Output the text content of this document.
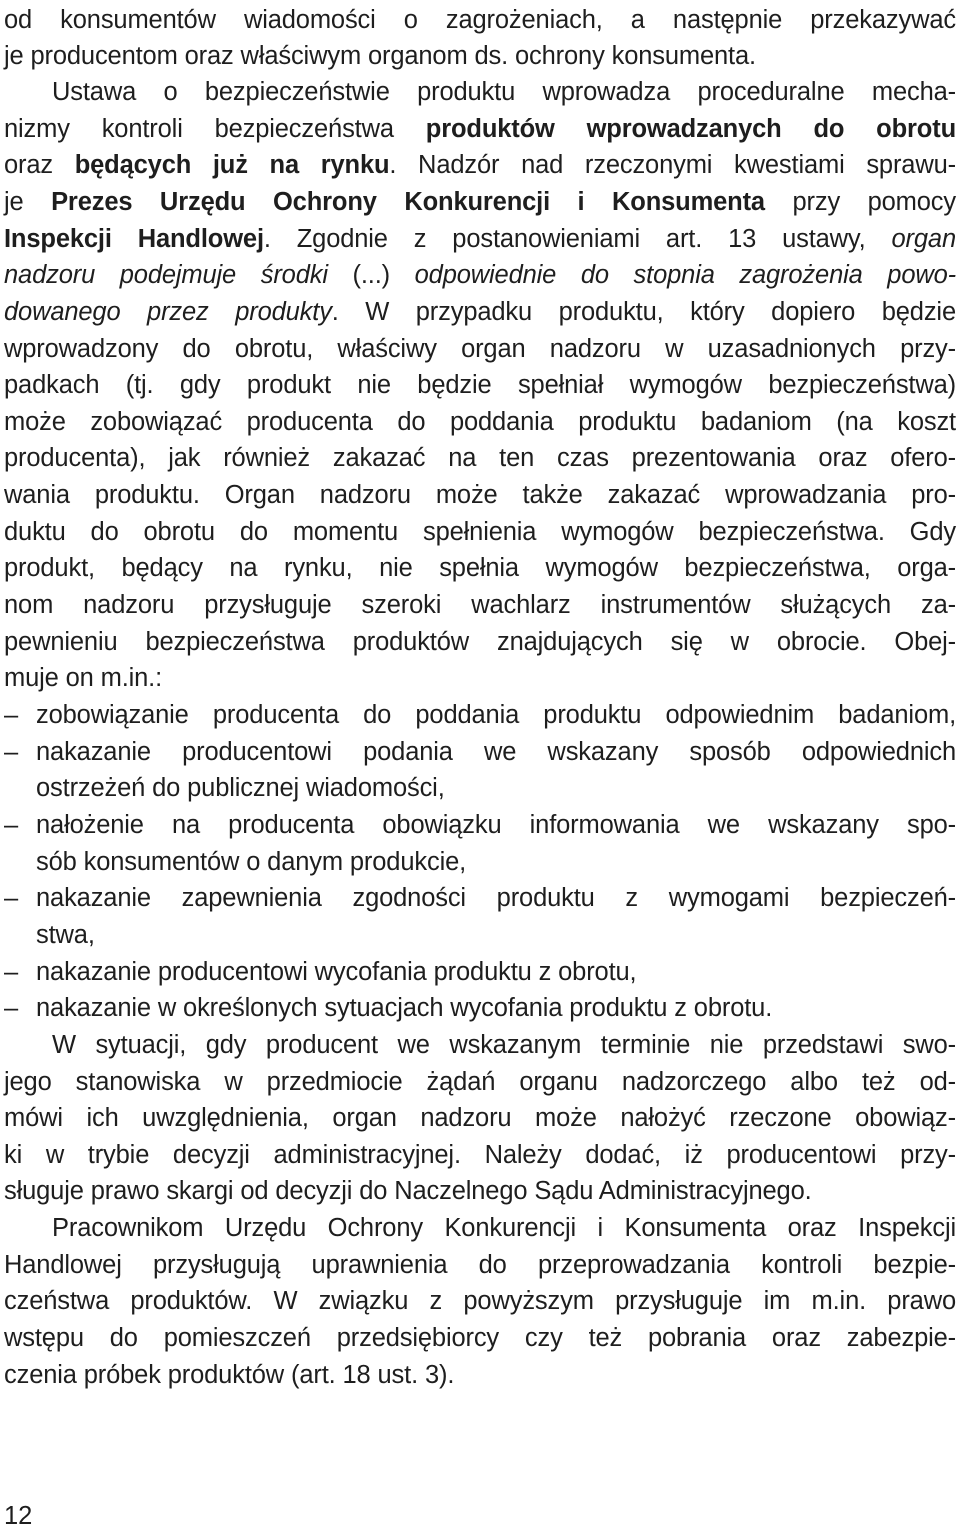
od konsumentów wiadomości o zagrożeniach, a następnie przekazywać
je producentom oraz właściwym organom ds. ochrony konsumenta.
Ustawa o bezpieczeństwie produktu wprowadza proceduralne mecha-
nizmy kontroli bezpieczeństwa produktów wprowadzanych do obrotu
oraz będących już na rynku. Nadzór nad rzeczonymi kwestiami sprawu-
je Prezes Urzędu Ochrony Konkurencji i Konsumenta przy pomocy
Inspekcji Handlowej. Zgodnie z postanowieniami art. 13 ustawy, organ
nadzoru podejmuje środki (...) odpowiednie do stopnia zagrożenia powo-
dowanego przez produkty. W przypadku produktu, który dopiero będzie
wprowadzony do obrotu, właściwy organ nadzoru w uzasadnionych przy-
padkach (tj. gdy produkt nie będzie spełniał wymogów bezpieczeństwa)
może zobowiązać producenta do poddania produktu badaniom (na koszt
producenta), jak również zakazać na ten czas prezentowania oraz ofero-
wania produktu. Organ nadzoru może także zakazać wprowadzania pro-
duktu do obrotu do momentu spełnienia wymogów bezpieczeństwa. Gdy
produkt, będący na rynku, nie spełnia wymogów bezpieczeństwa, orga-
nom nadzoru przysługuje szeroki wachlarz instrumentów służących za-
pewnieniu bezpieczeństwa produktów znajdujących się w obrocie. Obej-
muje on m.in.:
– zobowiązanie producenta do poddania produktu odpowiednim badaniom,
– nakazanie producentowi podania we wskazany sposób odpowiednich
ostrzeżeń do publicznej wiadomości,
– nałożenie na producenta obowiązku informowania we wskazany spo-
sób konsumentów o danym produkcie,
– nakazanie zapewnienia zgodności produktu z wymogami bezpieczeń-
stwa,
– nakazanie producentowi wycofania produktu z obrotu,
– nakazanie w określonych sytuacjach wycofania produktu z obrotu.
W sytuacji, gdy producent we wskazanym terminie nie przedstawi swo-
jego stanowiska w przedmiocie żądań organu nadzorczego albo też od-
mówi ich uwzględnienia, organ nadzoru może nałożyć rzeczone obowiąz-
ki w trybie decyzji administracyjnej. Należy dodać, iż producentowi przy-
sługuje prawo skargi od decyzji do Naczelnego Sądu Administracyjnego.
Pracownikom Urzędu Ochrony Konkurencji i Konsumenta oraz Inspekcji
Handlowej przysługują uprawnienia do przeprowadzania kontroli bezpie-
czeństwa produktów. W związku z powyższym przysługuje im m.in. prawo
wstępu do pomieszczeń przedsiębiorcy czy też pobrania oraz zabezpie-
czenia próbek produktów (art. 18 ust. 3).
12
